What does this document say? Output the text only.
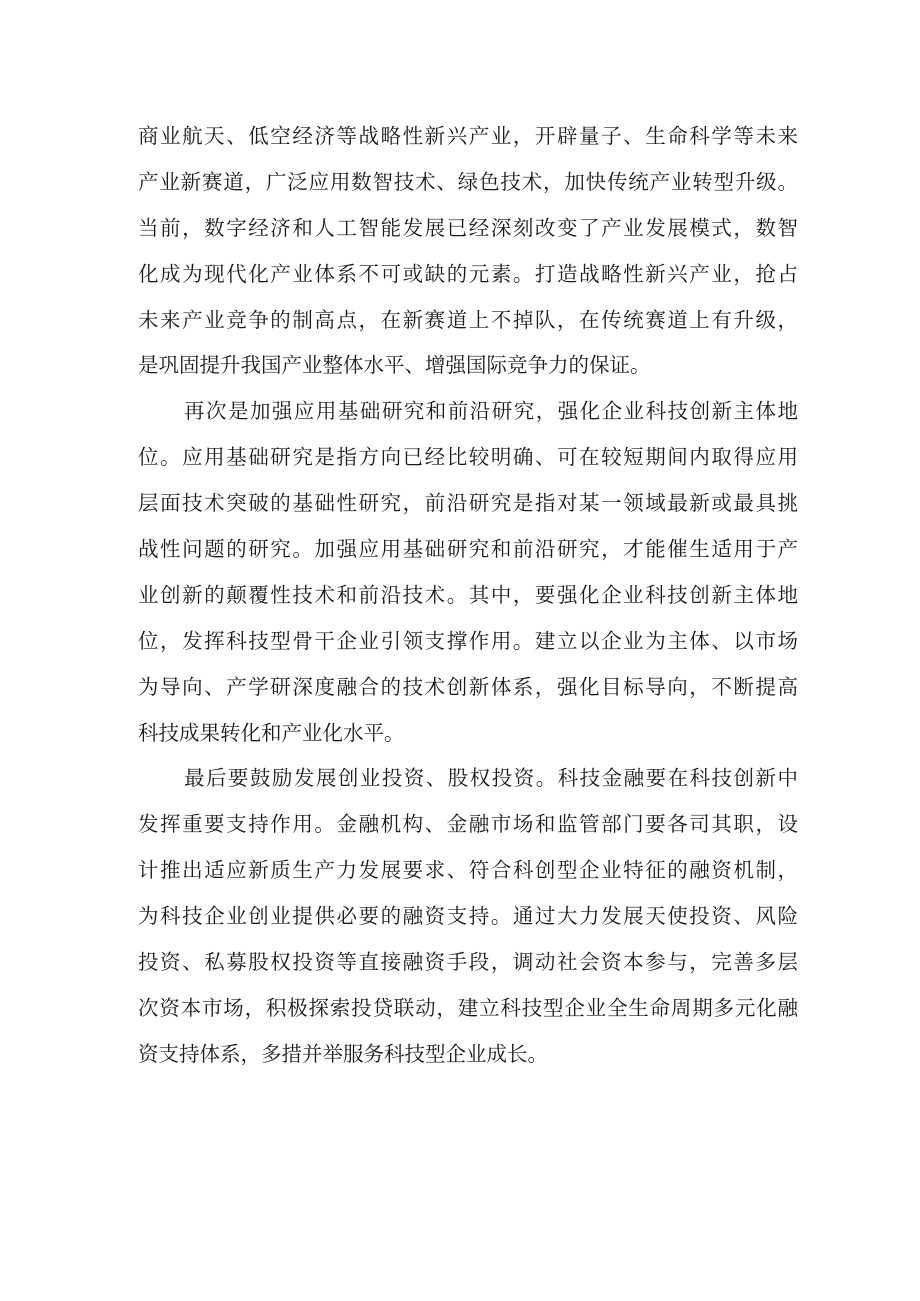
商业航天、低空经济等战略性新兴产业，开辟量子、生命科学等未来
产业新赛道，广泛应用数智技术、绿色技术，加快传统产业转型升级。
当前，数字经济和人工智能发展已经深刻改变了产业发展模式，数智
化成为现代化产业体系不可或缺的元素。打造战略性新兴产业，抢占
未来产业竞争的制高点，在新赛道上不掉队，在传统赛道上有升级，
是巩固提升我国产业整体水平、增强国际竞争力的保证。
再次是加强应用基础研究和前沿研究，强化企业科技创新主体地
位。应用基础研究是指方向已经比较明确、可在较短期间内取得应用
层面技术突破的基础性研究，前沿研究是指对某一领域最新或最具挑
战性问题的研究。加强应用基础研究和前沿研究，才能催生适用于产
业创新的颠覆性技术和前沿技术。其中，要强化企业科技创新主体地
位，发挥科技型骨干企业引领支撑作用。建立以企业为主体、以市场
为导向、产学研深度融合的技术创新体系，强化目标导向，不断提高
科技成果转化和产业化水平。
最后要鼓励发展创业投资、股权投资。科技金融要在科技创新中
发挥重要支持作用。金融机构、金融市场和监管部门要各司其职，设
计推出适应新质生产力发展要求、符合科创型企业特征的融资机制，
为科技企业创业提供必要的融资支持。通过大力发展天使投资、风险
投资、私募股权投资等直接融资手段，调动社会资本参与，完善多层
次资本市场，积极探索投贷联动，建立科技型企业全生命周期多元化融
资支持体系，多措并举服务科技型企业成长。
